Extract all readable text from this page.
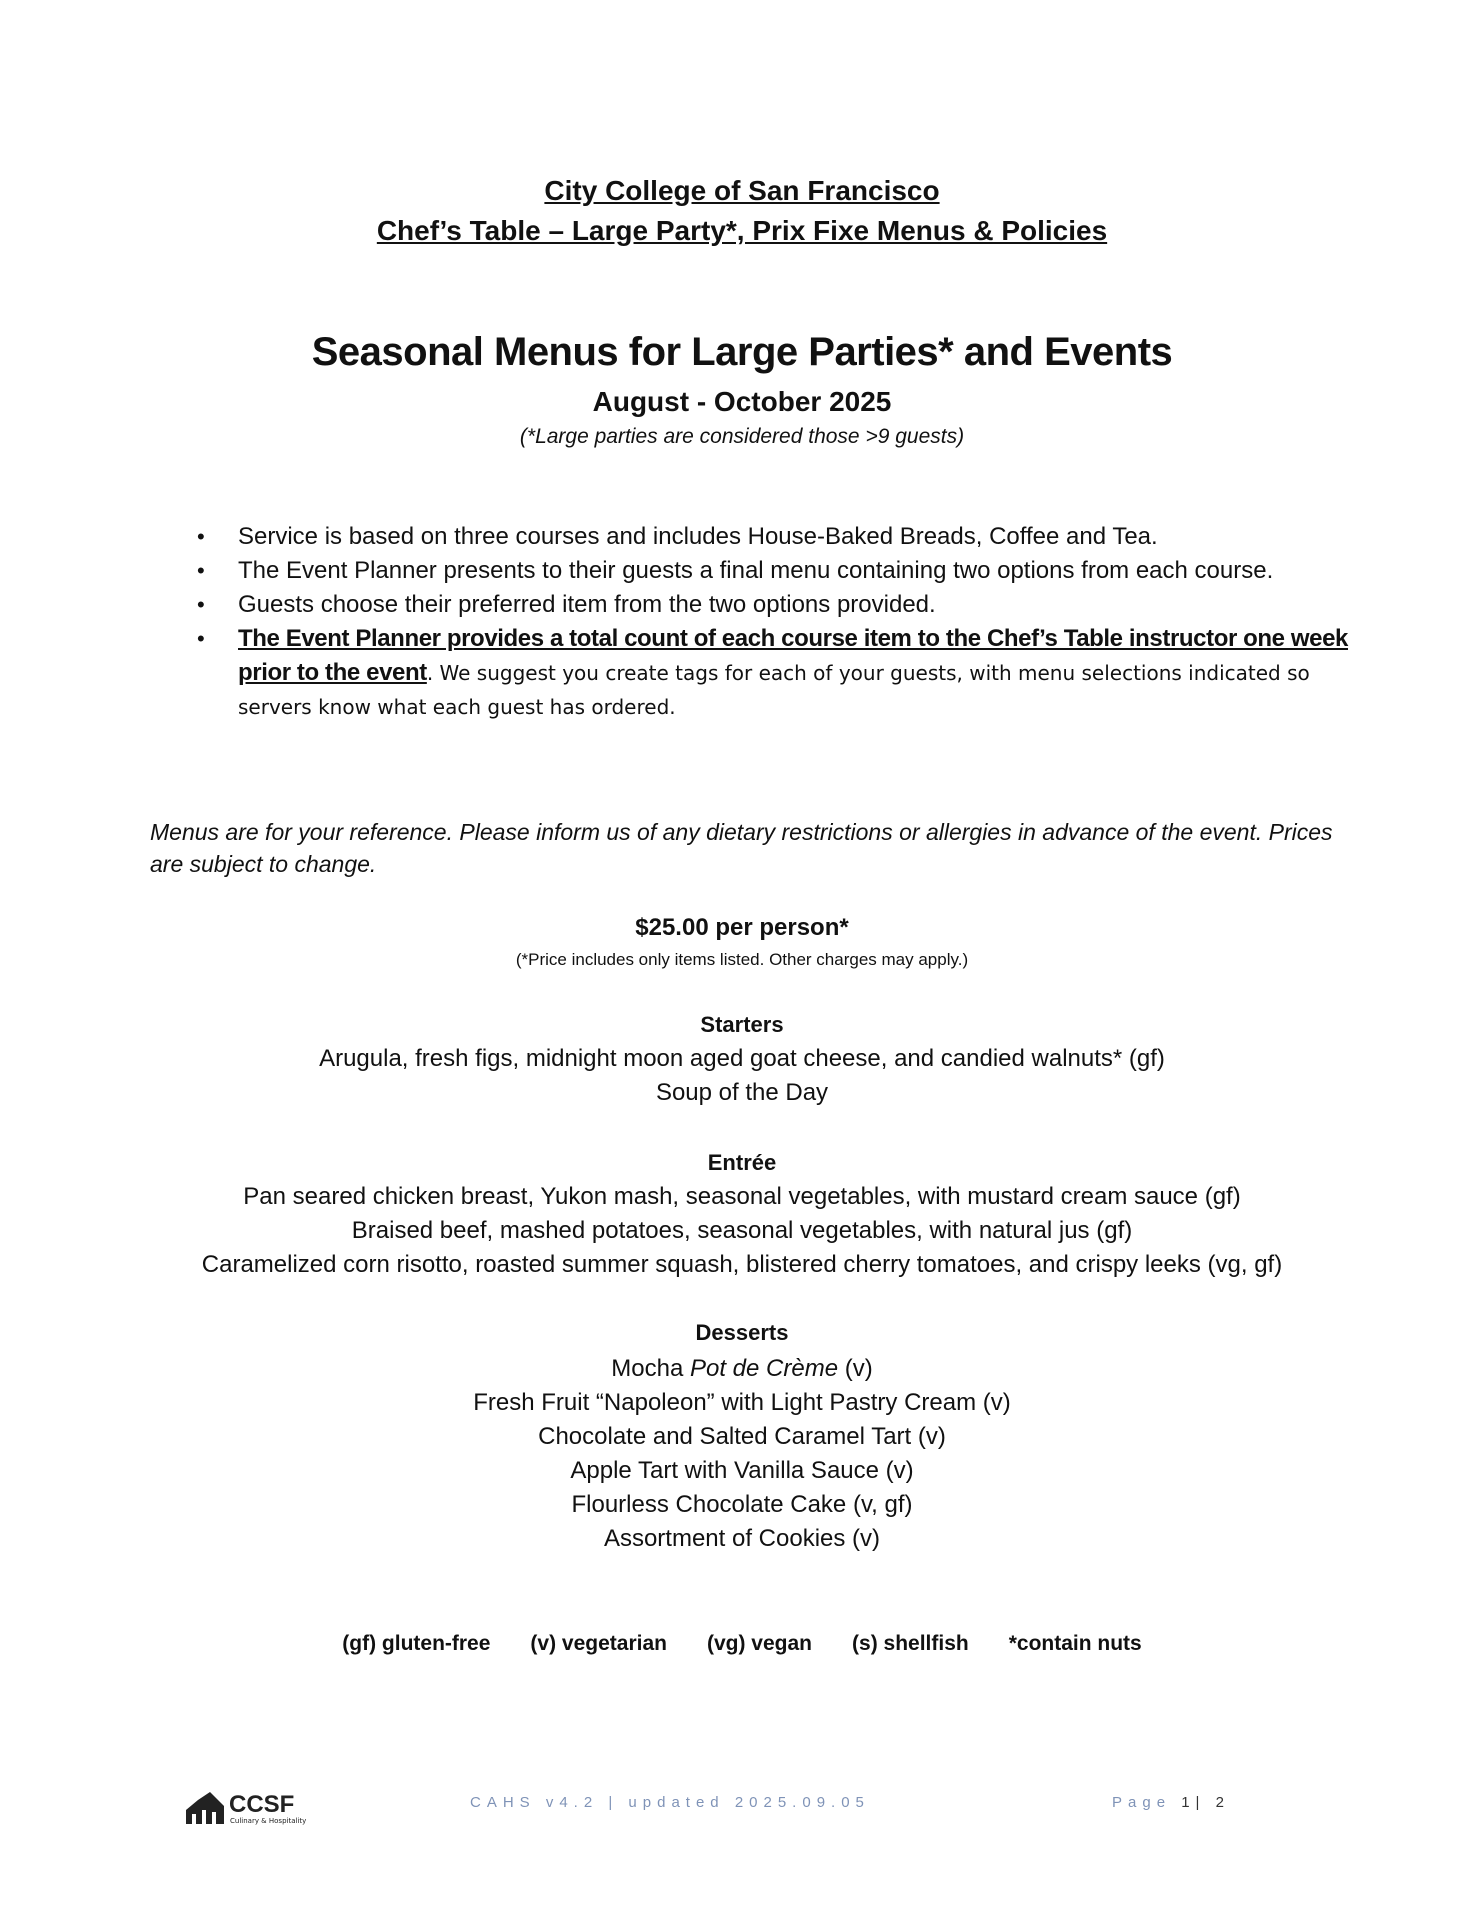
City College of San Francisco
Chef’s Table – Large Party*, Prix Fixe Menus & Policies
Seasonal Menus for Large Parties* and Events
August - October 2025
(*Large parties are considered those >9 guests)
• Service is based on three courses and includes House-Baked Breads, Coffee and Tea.
• The Event Planner presents to their guests a final menu containing two options from each course.
• Guests choose their preferred item from the two options provided.
• The Event Planner provides a total count of each course item to the Chef’s Table instructor one week prior to the event. We suggest you create tags for each of your guests, with menu selections indicated so servers know what each guest has ordered.
Menus are for your reference. Please inform us of any dietary restrictions or allergies in advance of the event. Prices are subject to change.
$25.00 per person*
(*Price includes only items listed. Other charges may apply.)
Starters
Arugula, fresh figs, midnight moon aged goat cheese, and candied walnuts* (gf)
Soup of the Day
Entrée
Pan seared chicken breast, Yukon mash, seasonal vegetables, with mustard cream sauce (gf)
Braised beef, mashed potatoes, seasonal vegetables, with natural jus (gf)
Caramelized corn risotto, roasted summer squash, blistered cherry tomatoes, and crispy leeks (vg, gf)
Desserts
Mocha Pot de Crème (v)
Fresh Fruit “Napoleon” with Light Pastry Cream (v)
Chocolate and Salted Caramel Tart (v)
Apple Tart with Vanilla Sauce (v)
Flourless Chocolate Cake (v, gf)
Assortment of Cookies (v)
(gf) gluten-free (v) vegetarian (vg) vegan (s) shellfish *contain nuts
CCSF
Culinary & Hospitality
CAHS v4.2 | updated 2025.09.05	Page 1| 2
